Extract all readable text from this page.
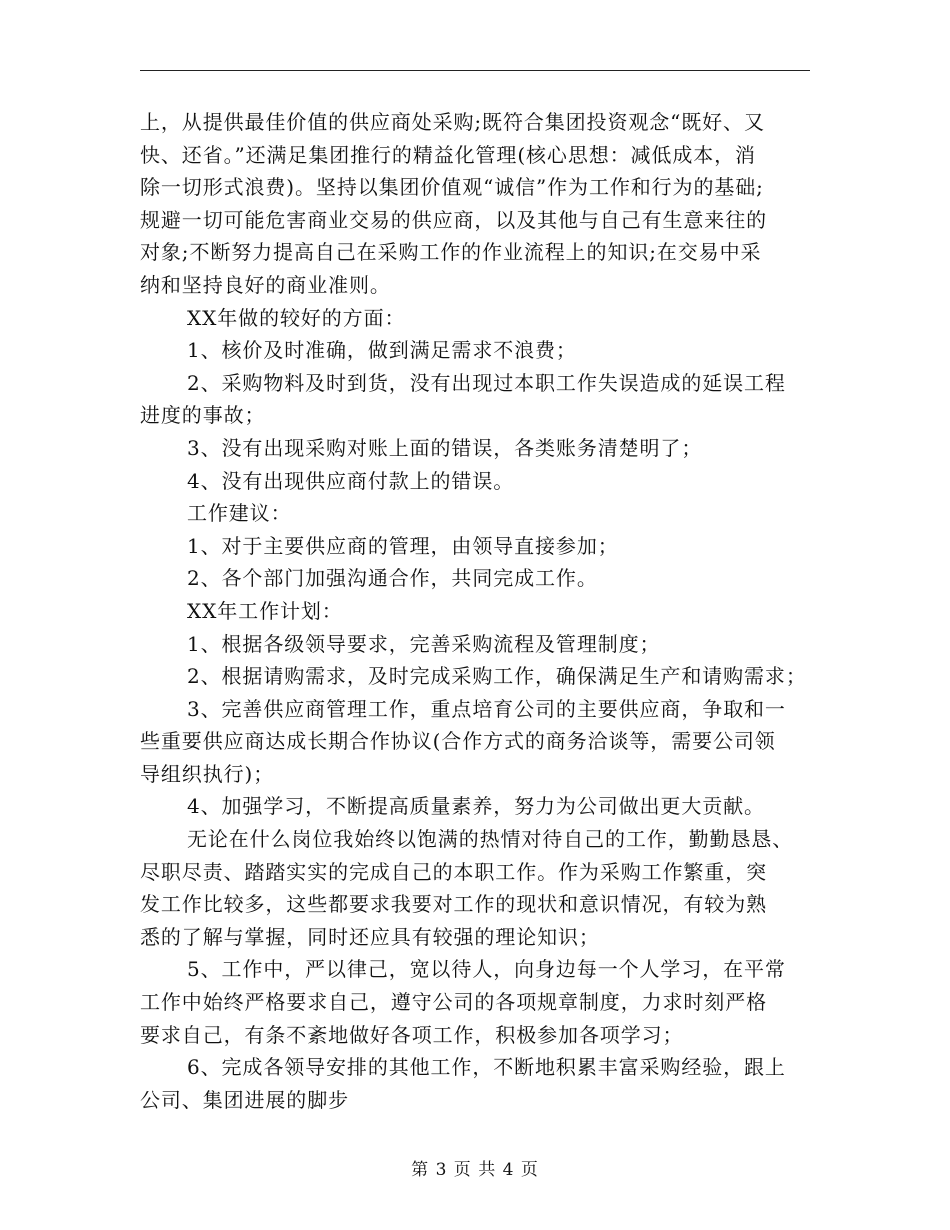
上，从提供最佳价值的供应商处采购;既符合集团投资观念“既好、又
快、还省。”还满足集团推行的精益化管理(核心思想：减低成本，消
除一切形式浪费)。坚持以集团价值观“诚信”作为工作和行为的基础;
规避一切可能危害商业交易的供应商，以及其他与自己有生意来往的
对象;不断努力提高自己在采购工作的作业流程上的知识;在交易中采
纳和坚持良好的商业准则。
XX年做的较好的方面：
1、核价及时准确，做到满足需求不浪费；
2、采购物料及时到货，没有出现过本职工作失误造成的延误工程
进度的事故；
3、没有出现采购对账上面的错误，各类账务清楚明了；
4、没有出现供应商付款上的错误。
工作建议：
1、对于主要供应商的管理，由领导直接参加；
2、各个部门加强沟通合作，共同完成工作。
XX年工作计划：
1、根据各级领导要求，完善采购流程及管理制度；
2、根据请购需求，及时完成采购工作，确保满足生产和请购需求；
3、完善供应商管理工作，重点培育公司的主要供应商，争取和一
些重要供应商达成长期合作协议(合作方式的商务洽谈等，需要公司领
导组织执行)；
4、加强学习，不断提高质量素养，努力为公司做出更大贡献。
无论在什么岗位我始终以饱满的热情对待自己的工作，勤勤恳恳、
尽职尽责、踏踏实实的完成自己的本职工作。作为采购工作繁重，突
发工作比较多，这些都要求我要对工作的现状和意识情况，有较为熟
悉的了解与掌握，同时还应具有较强的理论知识；
5、工作中，严以律己，宽以待人，向身边每一个人学习，在平常
工作中始终严格要求自己，遵守公司的各项规章制度，力求时刻严格
要求自己，有条不紊地做好各项工作，积极参加各项学习；
6、完成各领导安排的其他工作，不断地积累丰富采购经验，跟上
公司、集团进展的脚步
第 3 页 共 4 页
